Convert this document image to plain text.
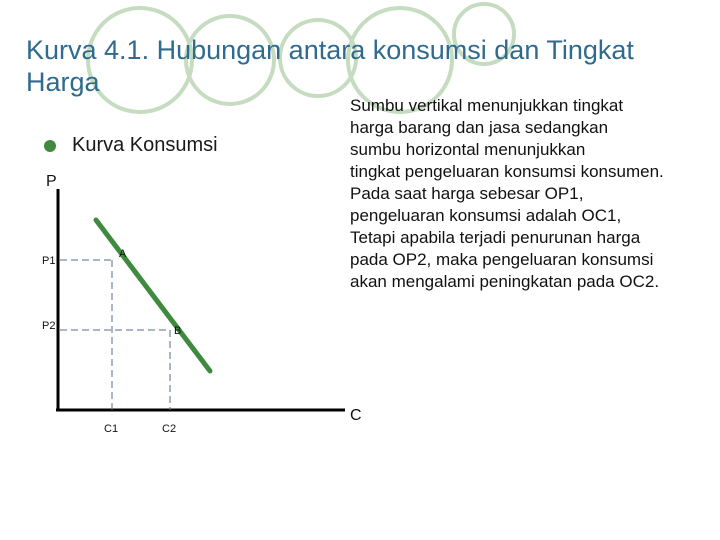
Kurva 4.1. Hubungan antara konsumsi dan Tingkat Harga
Kurva Konsumsi
P
C
P1
P2
C1	C2
A
B

Sumbu vertikal menunjukkan tingkat

harga barang dan jasa sedangkan

sumbu horizontal menunjukkan

tingkat pengeluaran konsumsi konsumen.

Pada saat harga sebesar OP1,

pengeluaran konsumsi adalah OC1,

Tetapi apabila terjadi penurunan harga

pada OP2, maka pengeluaran konsumsi

akan mengalami peningkatan pada OC2.
